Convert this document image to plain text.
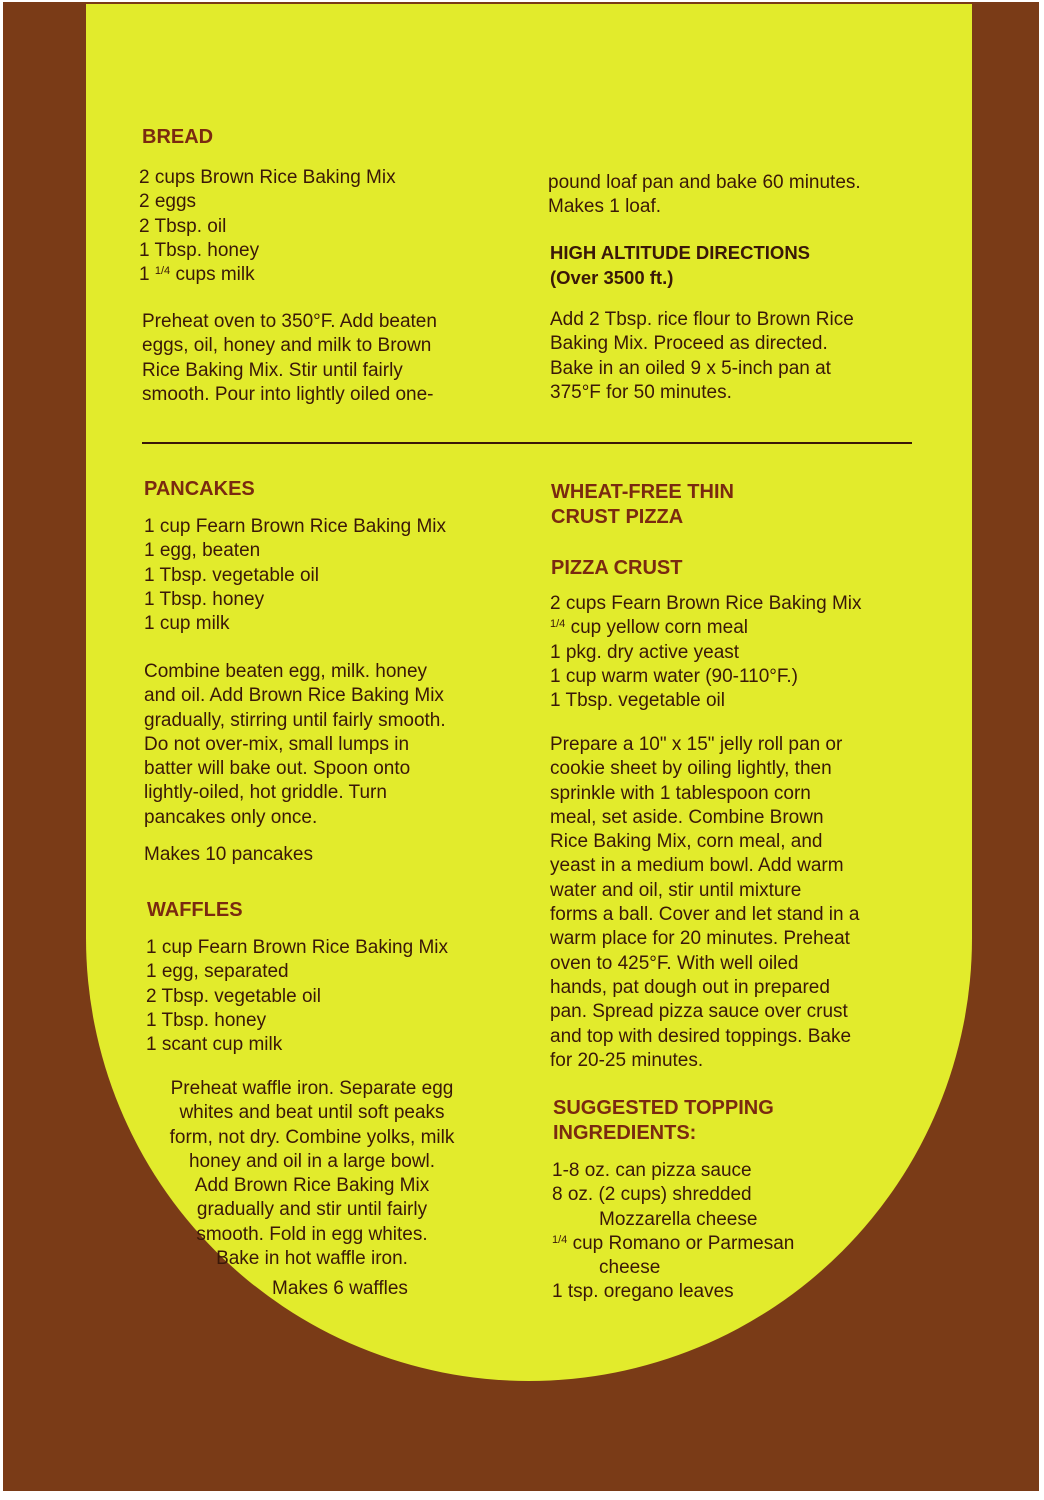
BREAD
2 cups Brown Rice Baking Mix
2 eggs
2 Tbsp. oil
1 Tbsp. honey
1 $^{1/4}$ cups milk
Preheat oven to 350°F. Add beaten
eggs, oil, honey and milk to Brown
Rice Baking Mix. Stir until fairly
smooth. Pour into lightly oiled one-
pound loaf pan and bake 60 minutes.
Makes 1 loaf.
HIGH ALTITUDE DIRECTIONS
(Over 3500 ft.)
Add 2 Tbsp. rice flour to Brown Rice
Baking Mix. Proceed as directed.
Bake in an oiled 9 x 5-inch pan at
375°F for 50 minutes.
PANCAKES
1 cup Fearn Brown Rice Baking Mix
1 egg, beaten
1 Tbsp. vegetable oil
1 Tbsp. honey
1 cup milk
Combine beaten egg, milk. honey
and oil. Add Brown Rice Baking Mix
gradually, stirring until fairly smooth.
Do not over-mix, small lumps in
batter will bake out. Spoon onto
lightly-oiled, hot griddle. Turn
pancakes only once.
Makes 10 pancakes
WAFFLES
1 cup Fearn Brown Rice Baking Mix
1 egg, separated
2 Tbsp. vegetable oil
1 Tbsp. honey
1 scant cup milk
Preheat waffle iron. Separate egg
whites and beat until soft peaks
form, not dry. Combine yolks, milk
honey and oil in a large bowl.
Add Brown Rice Baking Mix
gradually and stir until fairly
smooth. Fold in egg whites.
Bake in hot waffle iron.
Makes 6 waffles
WHEAT-FREE THIN
CRUST PIZZA
PIZZA CRUST
2 cups Fearn Brown Rice Baking Mix
$^{1/4}$ cup yellow corn meal
1 pkg. dry active yeast
1 cup warm water (90-110°F.)
1 Tbsp. vegetable oil
Prepare a 10" x 15" jelly roll pan or
cookie sheet by oiling lightly, then
sprinkle with 1 tablespoon corn
meal, set aside. Combine Brown
Rice Baking Mix, corn meal, and
yeast in a medium bowl. Add warm
water and oil, stir until mixture
forms a ball. Cover and let stand in a
warm place for 20 minutes. Preheat
oven to 425°F. With well oiled
hands, pat dough out in prepared
pan. Spread pizza sauce over crust
and top with desired toppings. Bake
for 20-25 minutes.
SUGGESTED TOPPING
INGREDIENTS:
1-8 oz. can pizza sauce
8 oz. (2 cups) shredded
Mozzarella cheese
$^{1/4}$ cup Romano or Parmesan
cheese
1 tsp. oregano leaves
